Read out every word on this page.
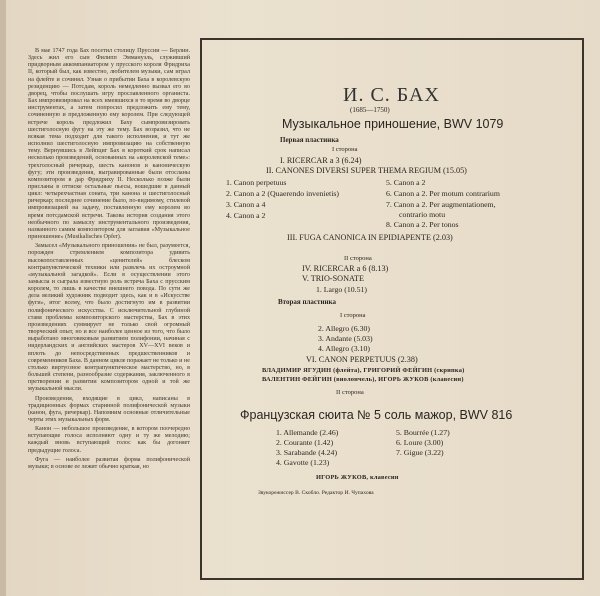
В мае 1747 года Бах посетил столицу Пруссии — Берлин. Здесь жил его сын Филипп Эммануэль, служивший придворным аккомпаниатором у прусского короля Фридриха II, который был, как известно, любителем музыки, сам играл на флейте и сочинял. Узнав о прибытии Баха в королевскую резиденцию — Потсдам, король немедленно вызвал его во дворец, чтобы послушать игру прославленного органиста. Бах импровизировал на всех имевшихся в то время во дворце инструментах, а затем попросил предложить ему тему, сочиненную и предложенную ему королем. При следующей встрече король предложил Баху сымпровизировать шестиголосную фугу на эту же тему. Бах возразил, что не всякая тема подходит для такого исполнения, и тут же исполнил шестиголосную импровизацию на собственную тему. Вернувшись в Лейпциг Бах в короткий срок написал несколько произведений, основанных на «королевской теме»: трехголосный ричеркар, шесть канонов и каноническую фугу; эти произведения, выгравированные были отосланы композитором в дар Фридриху II. Несколько позже были присланы в оттиске остальные пьесы, вошедшие в данный цикл: четырехчастная соната, три канона и шестиголосный ричеркар; последнее сочинение было, по-видимому, стилевой импровизацией на задачу, поставленную ему королем во время потсдамской встречи. Такова история создания этого необычного по замыслу инструментального произведения, названного самим композитором для заглавия «Музыкальное приношение» (Musikalisches Opfer).

Замысел «Музыкального приношения» не был, разумеется, порожден стремлением композитора удивить высокопоставленных «ценителей» блеском контрапунктической техники или развлечь их остроумной «музыкальной загадкой». Если в осуществлении этого замысла и сыграла известную роль встреча Баха с прусским королем, то лишь в качестве внешнего повода. По сути же дела великий художник подводит здесь, как и в «Искусстве фуги», итог всему, что было достигнуто им в развитии полифонического искусства. С исключительной глубиной ставя проблемы композиторского мастерства, Бах в этих произведениях суммирует не только свой огромный творческий опыт, но и все наиболее ценное из того, что было выработано многовековым развитием полифонии, начиная с нидерландских и английских мастеров XV—XVI веков и вплоть до непосредственных предшественников и современников Баха. В данном цикле поражает не только и не столько виртуозное контрапунктическое мастерство, но, в большей степени, разнообразие содержания, заключенного в претворении и развитии композитором одной и той же музыкальной мысли.

Произведения, входящие в цикл, написаны в традиционных формах старинной полифонической музыки (канон, фуга, ричеркар). Напомним основные отличительные черты этих музыкальных форм.

Канон — небольшое произведение, в котором поочередно вступающие голоса исполняют одну и ту же мелодию; каждый вновь вступающий голос как бы догоняет предыдущие голоса.

Фуга — наиболее развитая форма полифонической музыки; в основе ее лежит обычно краткая, но

И. С. БАХ
(1685—1750)
Музыкальное приношение, BWV 1079
Первая пластинка
I сторона
I. RICERCAR a 3 (6.24)
II. CANONES DIVERSI SUPER THEMA REGIUM (15.05)
1. Canon perpetuus
2. Canon a 2 (Quaerendo invenietis)
3. Canon a 4
4. Canon a 2
5. Canon a 2
6. Canon a 2. Per motum contrarium
7. Canon a 2. Per augmentationem,
contrario motu
8. Canon a 2. Per tonos
III. FUGA CANONICA IN EPIDIAPENTE (2.03)
II сторона
IV. RICERCAR a 6 (8.13)
V. TRIO-SONATE
1. Largo (10.51)
Вторая пластинка
I сторона
2. Allegro (6.30)
3. Andante (5.03)
4. Allegro (3.10)
VI. CANON PERPETUUS (2.38)
ВЛАДИМИР ЯГУДИН (флейта), ГРИГОРИЙ ФЕЙГИН (скрипка)
ВАЛЕНТИН ФЕЙГИН (виолончель), ИГОРЬ ЖУКОВ (клавесин)
II сторона
Французская сюита № 5 соль мажор, BWV 816
1. Allemande (2.46)
2. Courante (1.42)
3. Sarabande (4.24)
4. Gavotte (1.23)
5. Bourrée (1.27)
6. Loure (3.00)
7. Gigue (3.22)
ИГОРЬ ЖУКОВ, клавесин
Звукорежиссер В. Скобло. Редактор И. Чупахова
